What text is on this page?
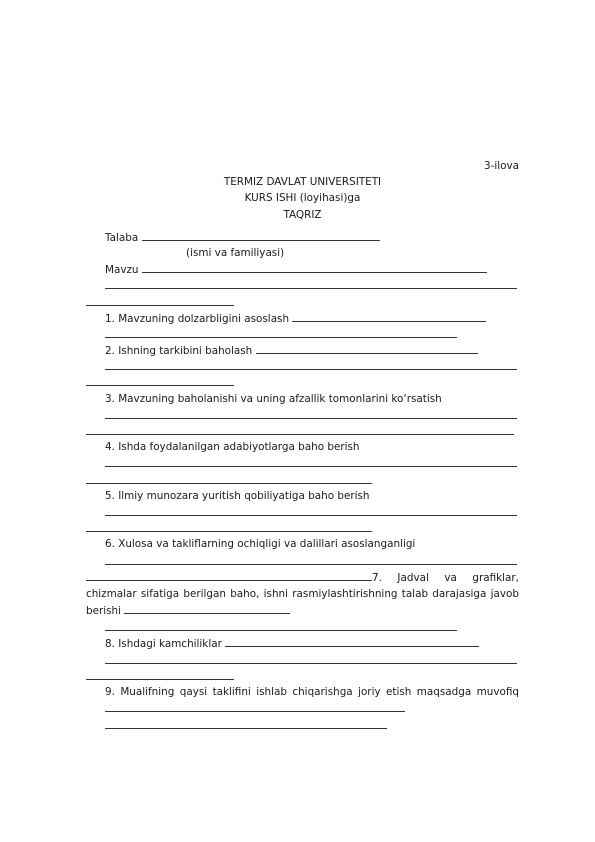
3-ilova
TERMIZ DAVLAT UNIVERSITETI
KURS ISHI (loyihasi)ga
TAQRIZ
Talaba
(ismi va familiyasi)
Mavzu
1. Mavzuning dolzarbligini asoslash
2. Ishning tarkibini baholash
3. Mavzuning baholanishi va uning afzallik tomonlarini ko‘rsatish
4. Ishda foydalanilgan adabiyotlarga baho berish
5. Ilmiy munozara yuritish qobiliyatiga baho berish
6. Xulosa va takliflarning ochiqligi va dalillari asoslanganligi
7. Jadval va grafiklar, chizmalar sifatiga berilgan baho, ishni rasmiylashtirishning talab darajasiga javob berishi
8. Ishdagi kamchiliklar
9. Mualifning qaysi taklifini ishlab chiqarishga joriy etish maqsadga muvofiq
